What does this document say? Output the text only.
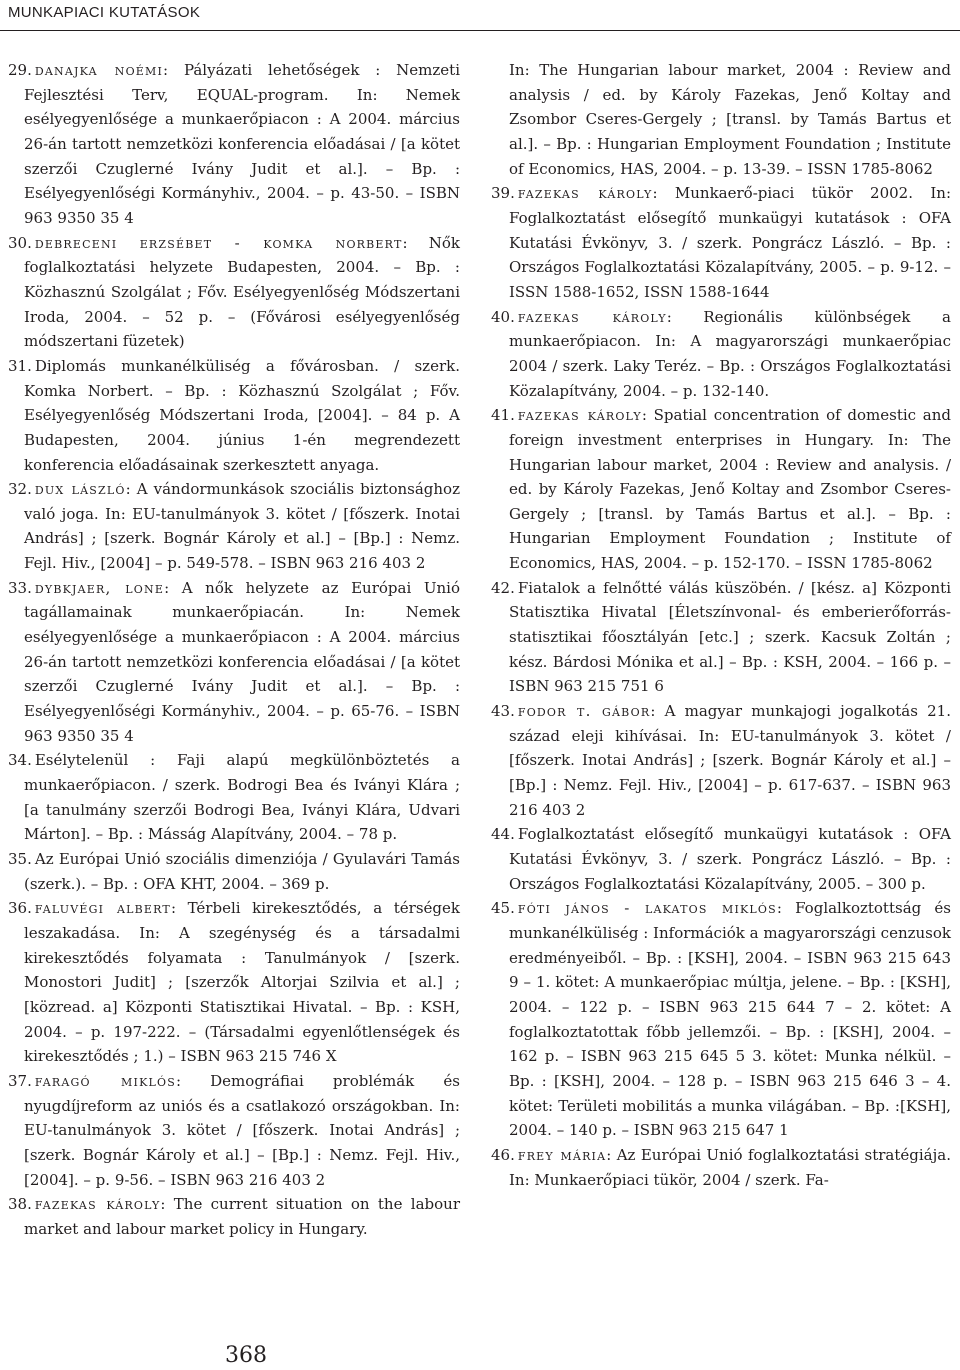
MUNKAPIACI KUTATÁSOK

29. danajka noémi: Pályázati lehetőségek : Nemzeti Fejlesztési Terv, EQUAL-program. In: Nemek esélyegyenlősége a munkaerőpiacon : A 2004. március 26-án tartott nemzetközi konferencia előadásai / [a kötet szerzői Czuglerné Ivány Judit et al.]. – Bp. : Esélyegyenlőségi Kormányhiv., 2004. – p. 43-50. – ISBN 963 9350 35 4

30. debreceni erzsébet - komka norbert: Nők foglalkoztatási helyzete Budapesten, 2004. – Bp. : Közhasznú Szolgálat ; Főv. Esélyegyenlőség Módszertani Iroda, 2004. – 52 p. – (Fővárosi esélyegyenlőség módszertani füzetek)

31. Diplomás munkanélküliség a fővárosban. / szerk. Komka Norbert. – Bp. : Közhasznú Szolgálat ; Főv. Esélyegyenlőség Módszertani Iroda, [2004]. – 84 p. A Budapesten, 2004. június 1-én megrendezett konferencia előadásainak szerkesztett anyaga.

32. dux lászló: A vándormunkások szociális biztonsághoz való joga. In: EU-tanulmányok 3. kötet / [főszerk. Inotai András] ; [szerk. Bognár Károly et al.] – [Bp.] : Nemz. Fejl. Hiv., [2004] – p. 549-578. – ISBN 963 216 403 2

33. dybkjaer, lone: A nők helyzete az Európai Unió tagállamainak munkaerőpiacán. In: Nemek esélyegyenlősége a munkaerőpiacon : A 2004. március 26-án tartott nemzetközi konferencia előadásai / [a kötet szerzői Czuglerné Ivány Judit et al.]. – Bp. : Esélyegyenlőségi Kormányhiv., 2004. – p. 65-76. – ISBN 963 9350 35 4

34. Esélytelenül : Faji alapú megkülönböztetés a munkaerőpiacon. / szerk. Bodrogi Bea és Iványi Klára ; [a tanulmány szerzői Bodrogi Bea, Iványi Klára, Udvari Márton]. – Bp. : Másság Alapítvány, 2004. – 78 p.

35. Az Európai Unió szociális dimenziója / Gyulavári Tamás (szerk.). – Bp. : OFA KHT, 2004. – 369 p.

36. faluvégi albert: Térbeli kirekesztődés, a térségek leszakadása. In: A szegénység és a társadalmi kirekesztődés folyamata : Tanulmányok / [szerk. Monostori Judit] ; [szerzők Altorjai Szilvia et al.] ; [közread. a] Központi Statisztikai Hivatal. – Bp. : KSH, 2004. – p. 197-222. – (Társadalmi egyenlőtlenségek és kirekesztődés ; 1.) – ISBN 963 215 746 X

37. faragó miklós: Demográfiai problémák és nyugdíjreform az uniós és a csatlakozó országokban. In: EU-tanulmányok 3. kötet / [főszerk. Inotai András] ; [szerk. Bognár Károly et al.] – [Bp.] : Nemz. Fejl. Hiv., [2004]. – p. 9-56. – ISBN 963 216 403 2

38. fazekas károly: The current situation on the labour market and labour market policy in Hungary.

In: The Hungarian labour market, 2004 : Review and analysis / ed. by Károly Fazekas, Jenő Koltay and Zsombor Cseres-Gergely ; [transl. by Tamás Bartus et al.]. – Bp. : Hungarian Employment Foundation ; Institute of Economics, HAS, 2004. – p. 13-39. – ISSN 1785-8062

39. fazekas károly: Munkaerő-piaci tükör 2002. In: Foglalkoztatást elősegítő munkaügyi kutatások : OFA Kutatási Évkönyv, 3. / szerk. Pongrácz László. – Bp. : Országos Foglalkoztatási Közalapítvány, 2005. – p. 9-12. – ISSN 1588-1652, ISSN 1588-1644

40. fazekas károly: Regionális különbségek a munkaerőpiacon. In: A magyarországi munkaerőpiac 2004 / szerk. Laky Teréz. – Bp. : Országos Foglalkoztatási Közalapítvány, 2004. – p. 132-140.

41. fazekas károly: Spatial concentration of domestic and foreign investment enterprises in Hungary. In: The Hungarian labour market, 2004 : Review and analysis. / ed. by Károly Fazekas, Jenő Koltay and Zsombor Cseres-Gergely ; [transl. by Tamás Bartus et al.]. – Bp. : Hungarian Employment Foundation ; Institute of Economics, HAS, 2004. – p. 152-170. – ISSN 1785-8062

42. Fiatalok a felnőtté válás küszöbén. / [kész. a] Központi Statisztika Hivatal [Életszínvonal- és emberierőforrás-statisztikai főosztályán [etc.] ; szerk. Kacsuk Zoltán ; kész. Bárdosi Mónika et al.] – Bp. : KSH, 2004. – 166 p. – ISBN 963 215 751 6

43. fodor t. gábor: A magyar munkajogi jogalkotás 21. század eleji kihívásai. In: EU-tanulmányok 3. kötet / [főszerk. Inotai András] ; [szerk. Bognár Károly et al.] – [Bp.] : Nemz. Fejl. Hiv., [2004] – p. 617-637. – ISBN 963 216 403 2

44. Foglalkoztatást elősegítő munkaügyi kutatások : OFA Kutatási Évkönyv, 3. / szerk. Pongrácz László. – Bp. : Országos Foglalkoztatási Közalapítvány, 2005. – 300 p.

45. fóti jános - lakatos miklós: Foglalkoztottság és munkanélküliség : Információk a magyarországi cenzusok eredményeiből. – Bp. : [KSH], 2004. – ISBN 963 215 643 9 – 1. kötet: A munkaerőpiac múltja, jelene. – Bp. : [KSH], 2004. – 122 p. – ISBN 963 215 644 7 – 2. kötet: A foglalkoztatottak főbb jellemzői. – Bp. : [KSH], 2004. – 162 p. – ISBN 963 215 645 5 3. kötet: Munka nélkül. – Bp. : [KSH], 2004. – 128 p. – ISBN 963 215 646 3 – 4. kötet: Területi mobilitás a munka világában. – Bp. :[KSH], 2004. – 140 p. – ISBN 963 215 647 1

46. frey mária: Az Európai Unió foglalkoztatási stratégiája. In: Munkaerőpiaci tükör, 2004 / szerk. Fa-

368
